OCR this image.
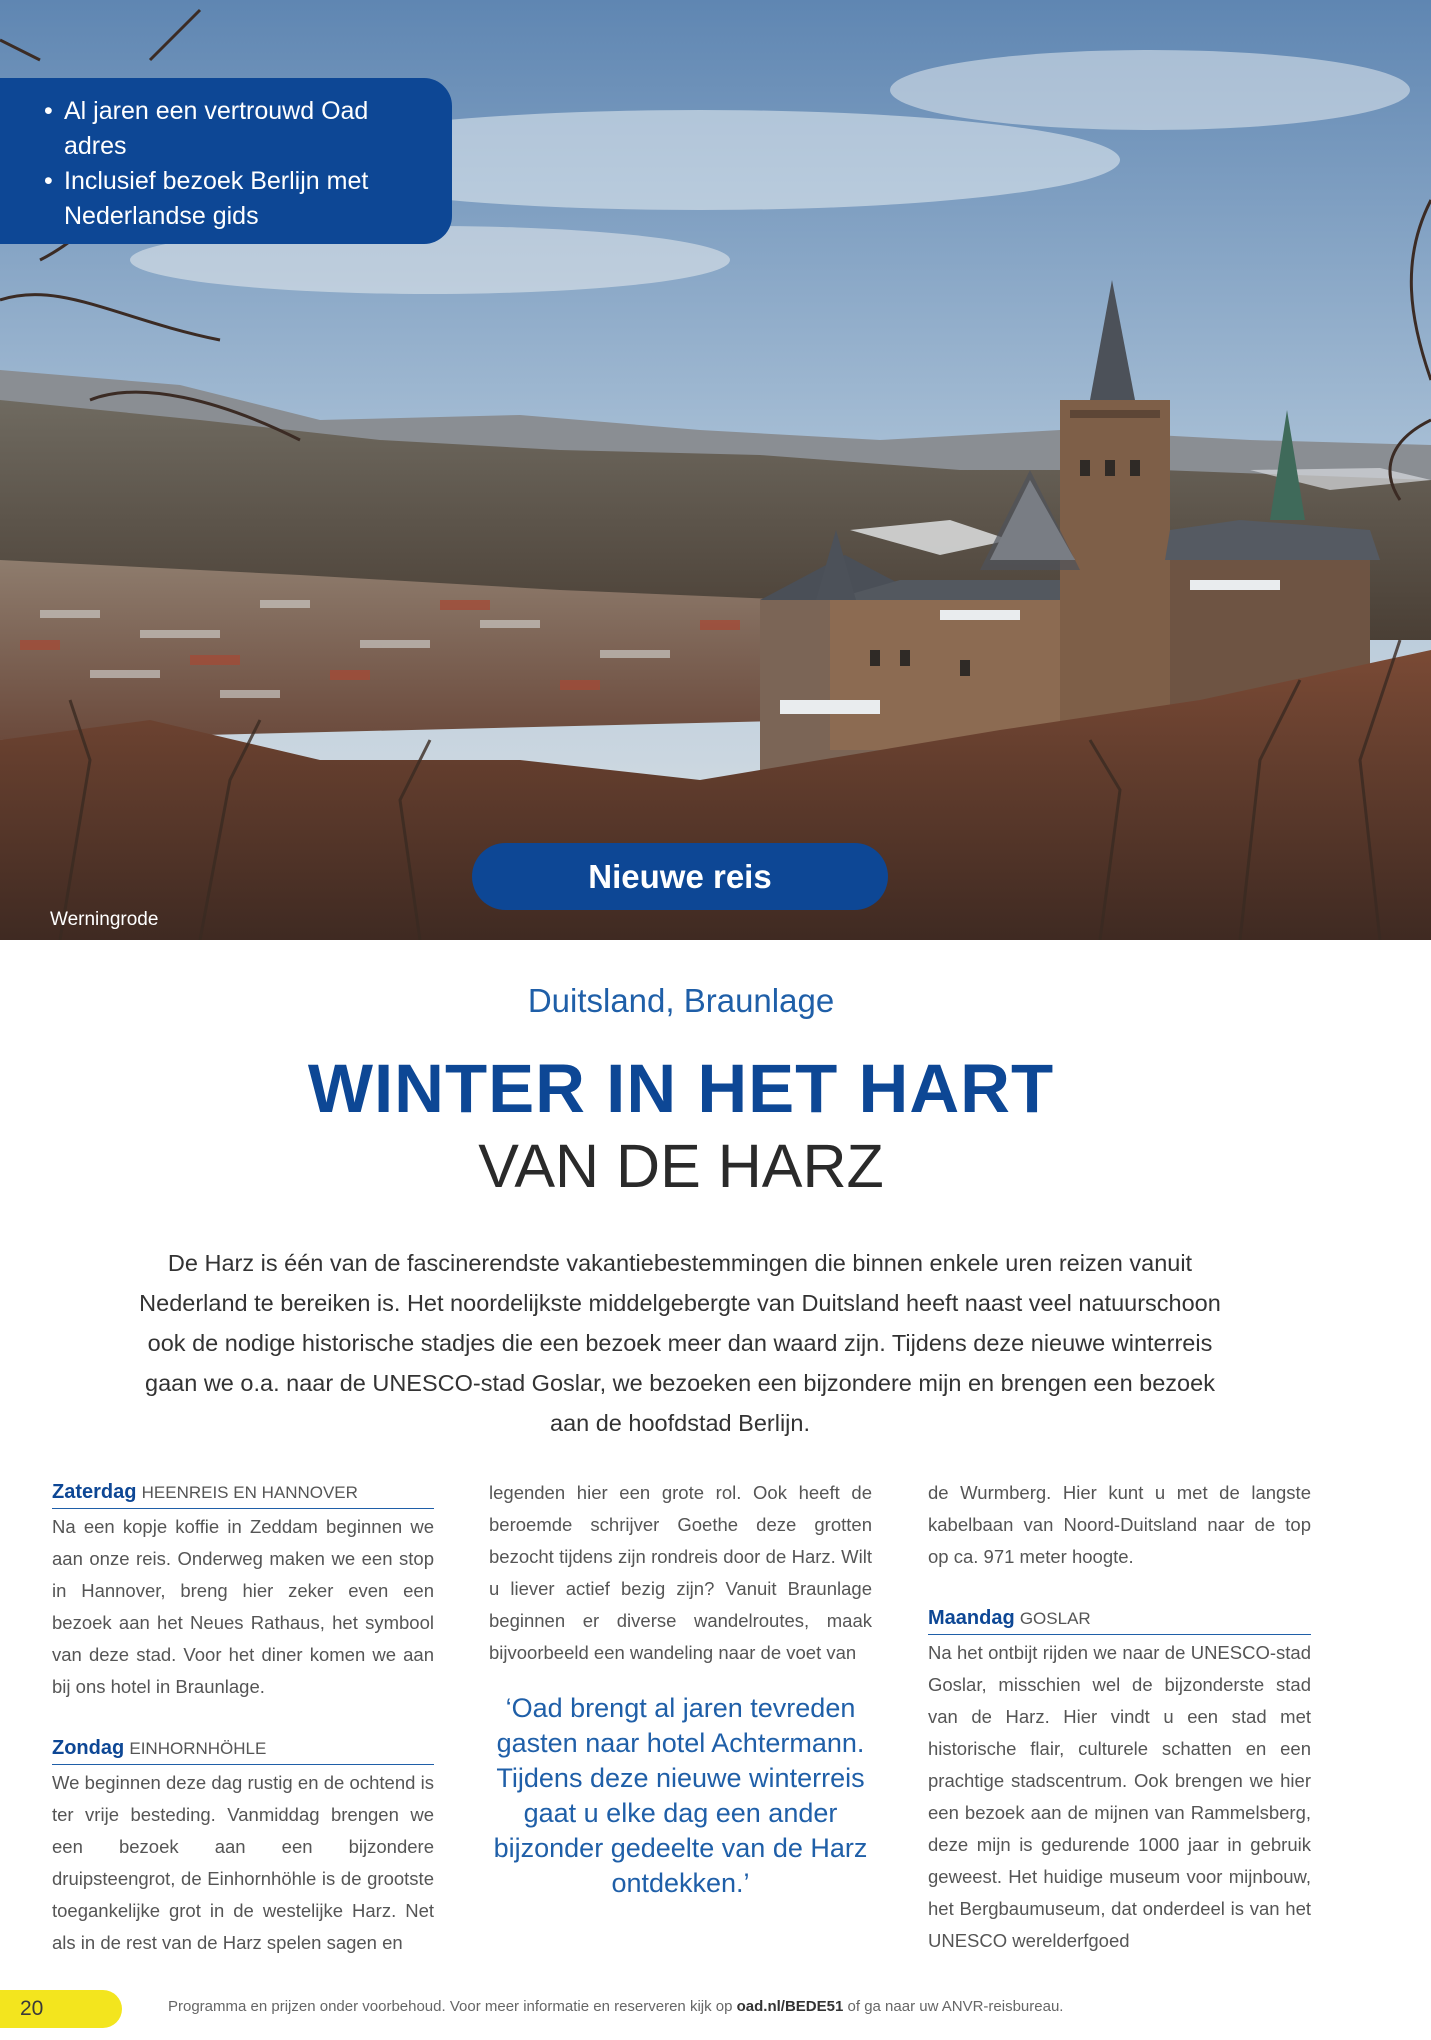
• Al jaren een vertrouwd Oad adres
• Inclusief bezoek Berlijn met Nederlandse gids
Nieuwe reis
Werningrode
Duitsland, Braunlage
WINTER IN HET HART
VAN DE HARZ
De Harz is één van de fascinerendste vakantiebestemmingen die binnen enkele uren reizen vanuit Nederland te bereiken is. Het noordelijkste middelgebergte van Duitsland heeft naast veel natuurschoon ook de nodige historische stadjes die een bezoek meer dan waard zijn. Tijdens deze nieuwe winterreis gaan we o.a. naar de UNESCO-stad Goslar, we bezoeken een bijzondere mijn en brengen een bezoek aan de hoofdstad Berlijn.
Zaterdag HEENREIS EN HANNOVER

Na een kopje koffie in Zeddam beginnen we aan onze reis. Onderweg maken we een stop in Hannover, breng hier zeker even een bezoek aan het Neues Rathaus, het symbool van deze stad. Voor het diner komen we aan bij ons hotel in Braunlage.

Zondag EINHORNHÖHLE

We beginnen deze dag rustig en de ochtend is ter vrije besteding. Vanmiddag brengen we een bezoek aan een bijzondere druipsteengrot, de Einhornhöhle is de grootste toegankelijke grot in de westelijke Harz. Net als in de rest van de Harz spelen sagen en

legenden hier een grote rol. Ook heeft de beroemde schrijver Goethe deze grotten bezocht tijdens zijn rondreis door de Harz. Wilt u liever actief bezig zijn? Vanuit Braunlage beginnen er diverse wandelroutes, maak bijvoorbeeld een wandeling naar de voet van

‘Oad brengt al jaren tevreden gasten naar hotel Achtermann. Tijdens deze nieuwe winterreis gaat u elke dag een ander bijzonder gedeelte van de Harz ontdekken.’

de Wurmberg. Hier kunt u met de langste kabelbaan van Noord-Duitsland naar de top op ca. 971 meter hoogte.

Maandag GOSLAR

Na het ontbijt rijden we naar de UNESCO-stad Goslar, misschien wel de bijzonderste stad van de Harz. Hier vindt u een stad met historische flair, culturele schatten en een prachtige stadscentrum. Ook brengen we hier een bezoek aan de mijnen van Rammelsberg, deze mijn is gedurende 1000 jaar in gebruik geweest. Het huidige museum voor mijnbouw, het Bergbaumuseum, dat onderdeel is van het UNESCO werelderfgoed

20	Programma en prijzen onder voorbehoud. Voor meer informatie en reserveren kijk op oad.nl/BEDE51 of ga naar uw ANVR-reisbureau.
